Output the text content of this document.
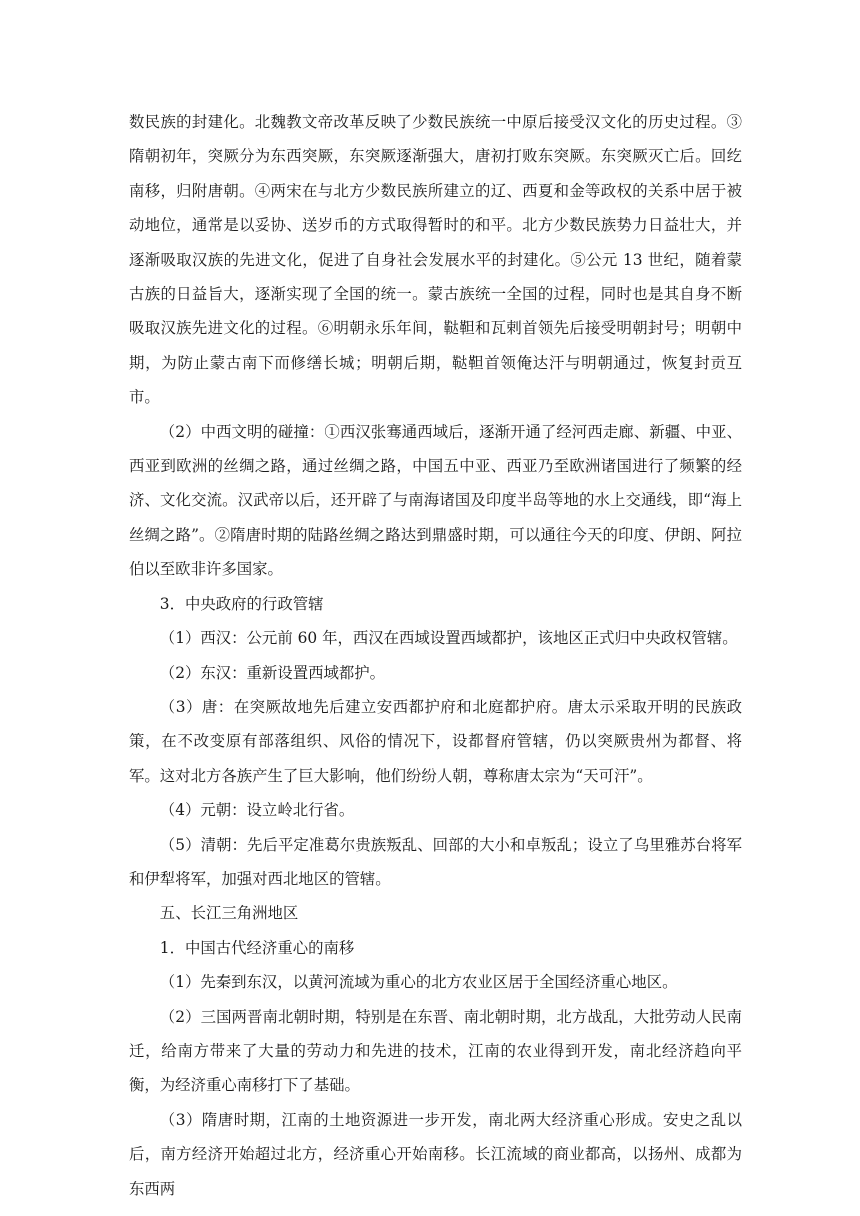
数民族的封建化。北魏教文帝改革反映了少数民族统一中原后接受汉文化的历史过程。③隋朝初年，突厥分为东西突厥，东突厥逐渐强大，唐初打败东突厥。东突厥灭亡后。回纥南移，归附唐朝。④两宋在与北方少数民族所建立的辽、西夏和金等政权的关系中居于被动地位，通常是以妥协、送岁币的方式取得暂时的和平。北方少数民族势力日益壮大，并逐渐吸取汉族的先进文化，促进了自身社会发展水平的封建化。⑤公元 13 世纪，随着蒙古族的日益旨大，逐渐实现了全国的统一。蒙古族统一全国的过程，同时也是其自身不断吸取汉族先进文化的过程。⑥明朝永乐年间，鞑靼和瓦剌首领先后接受明朝封号；明朝中期，为防止蒙古南下而修缮长城；明朝后期，鞑靼首领俺达汗与明朝通过，恢复封贡互市。

（2）中西文明的碰撞：①西汉张骞通西域后，逐渐开通了经河西走廊、新疆、中亚、西亚到欧洲的丝绸之路，通过丝绸之路，中国五中亚、西亚乃至欧洲诸国进行了频繁的经济、文化交流。汉武帝以后，还开辟了与南海诸国及印度半岛等地的水上交通线，即“海上丝绸之路”。②隋唐时期的陆路丝绸之路达到鼎盛时期，可以通往今天的印度、伊朗、阿拉伯以至欧非许多国家。

3．中央政府的行政管辖

（1）西汉：公元前 60 年，西汉在西域设置西域都护，该地区正式归中央政权管辖。

（2）东汉：重新设置西域都护。

（3）唐：在突厥故地先后建立安西都护府和北庭都护府。唐太示采取开明的民族政策，在不改变原有部落组织、风俗的情况下，设都督府管辖，仍以突厥贵州为都督、将军。这对北方各族产生了巨大影响，他们纷纷人朝，尊称唐太宗为“天可汗”。

（4）元朝：设立岭北行省。

（5）清朝：先后平定准葛尔贵族叛乱、回部的大小和卓叛乱；设立了乌里雅苏台将军和伊犁将军，加强对西北地区的管辖。

五、长江三角洲地区

1．中国古代经济重心的南移

（1）先秦到东汉，以黄河流域为重心的北方农业区居于全国经济重心地区。

（2）三国两晋南北朝时期，特别是在东晋、南北朝时期，北方战乱，大批劳动人民南迁，给南方带来了大量的劳动力和先进的技术，江南的农业得到开发，南北经济趋向平衡，为经济重心南移打下了基础。

（3）隋唐时期，江南的土地资源进一步开发，南北两大经济重心形成。安史之乱以后，南方经济开始超过北方，经济重心开始南移。长江流域的商业都高，以扬州、成都为东西两
